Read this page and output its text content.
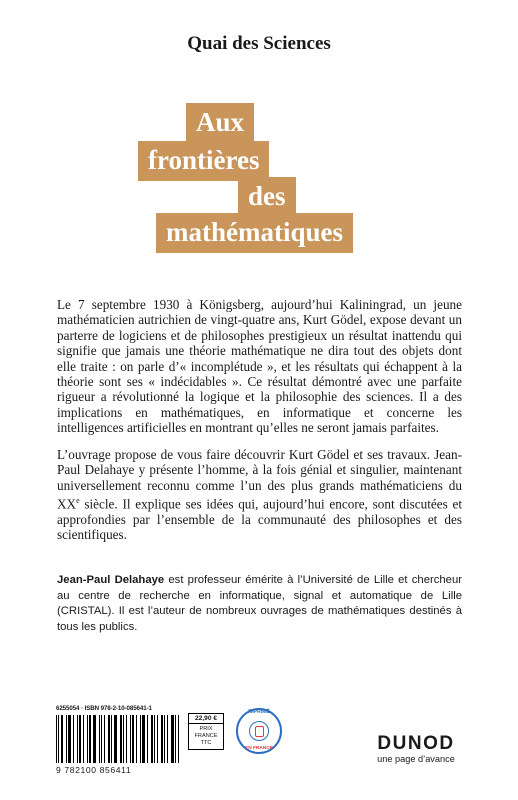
Quai des Sciences
Aux
frontières
des
mathématiques
Le 7 septembre 1930 à Königsberg, aujourd’hui Kaliningrad, un jeune mathématicien autrichien de vingt-quatre ans, Kurt Gödel, expose devant un parterre de logiciens et de philosophes prestigieux un résultat inattendu qui signifie que jamais une théorie mathématique ne dira tout des objets dont elle traite : on parle d’« incomplétude », et les résultats qui échappent à la théorie sont ses « indécidables ». Ce résultat démontré avec une parfaite rigueur a révolutionné la logique et la philosophie des sciences. Il a des implications en mathématiques, en informatique et concerne les intelligences artificielles en montrant qu’elles ne seront jamais parfaites.
L’ouvrage propose de vous faire découvrir Kurt Gödel et ses travaux. Jean-Paul Delahaye y présente l’homme, à la fois génial et singulier, maintenant universellement reconnu comme l’un des plus grands mathématiciens du XXe siècle. Il explique ses idées qui, aujourd’hui encore, sont discutées et approfondies par l’ensemble de la communauté des philosophes et des scientifiques.
Jean-Paul Delahaye est professeur émérite à l’Université de Lille et chercheur au centre de recherche en informatique, signal et automatique de Lille (CRISTAL). Il est l’auteur de nombreux ouvrages de mathématiques destinés à tous les publics.
6255054 · ISBN 978-2-10-085641-1
9 782100 856411
22,90 €
PRIX FRANCE TTC
IMPRIMÉ
EN FRANCE	DUNOD
une page d’avance
